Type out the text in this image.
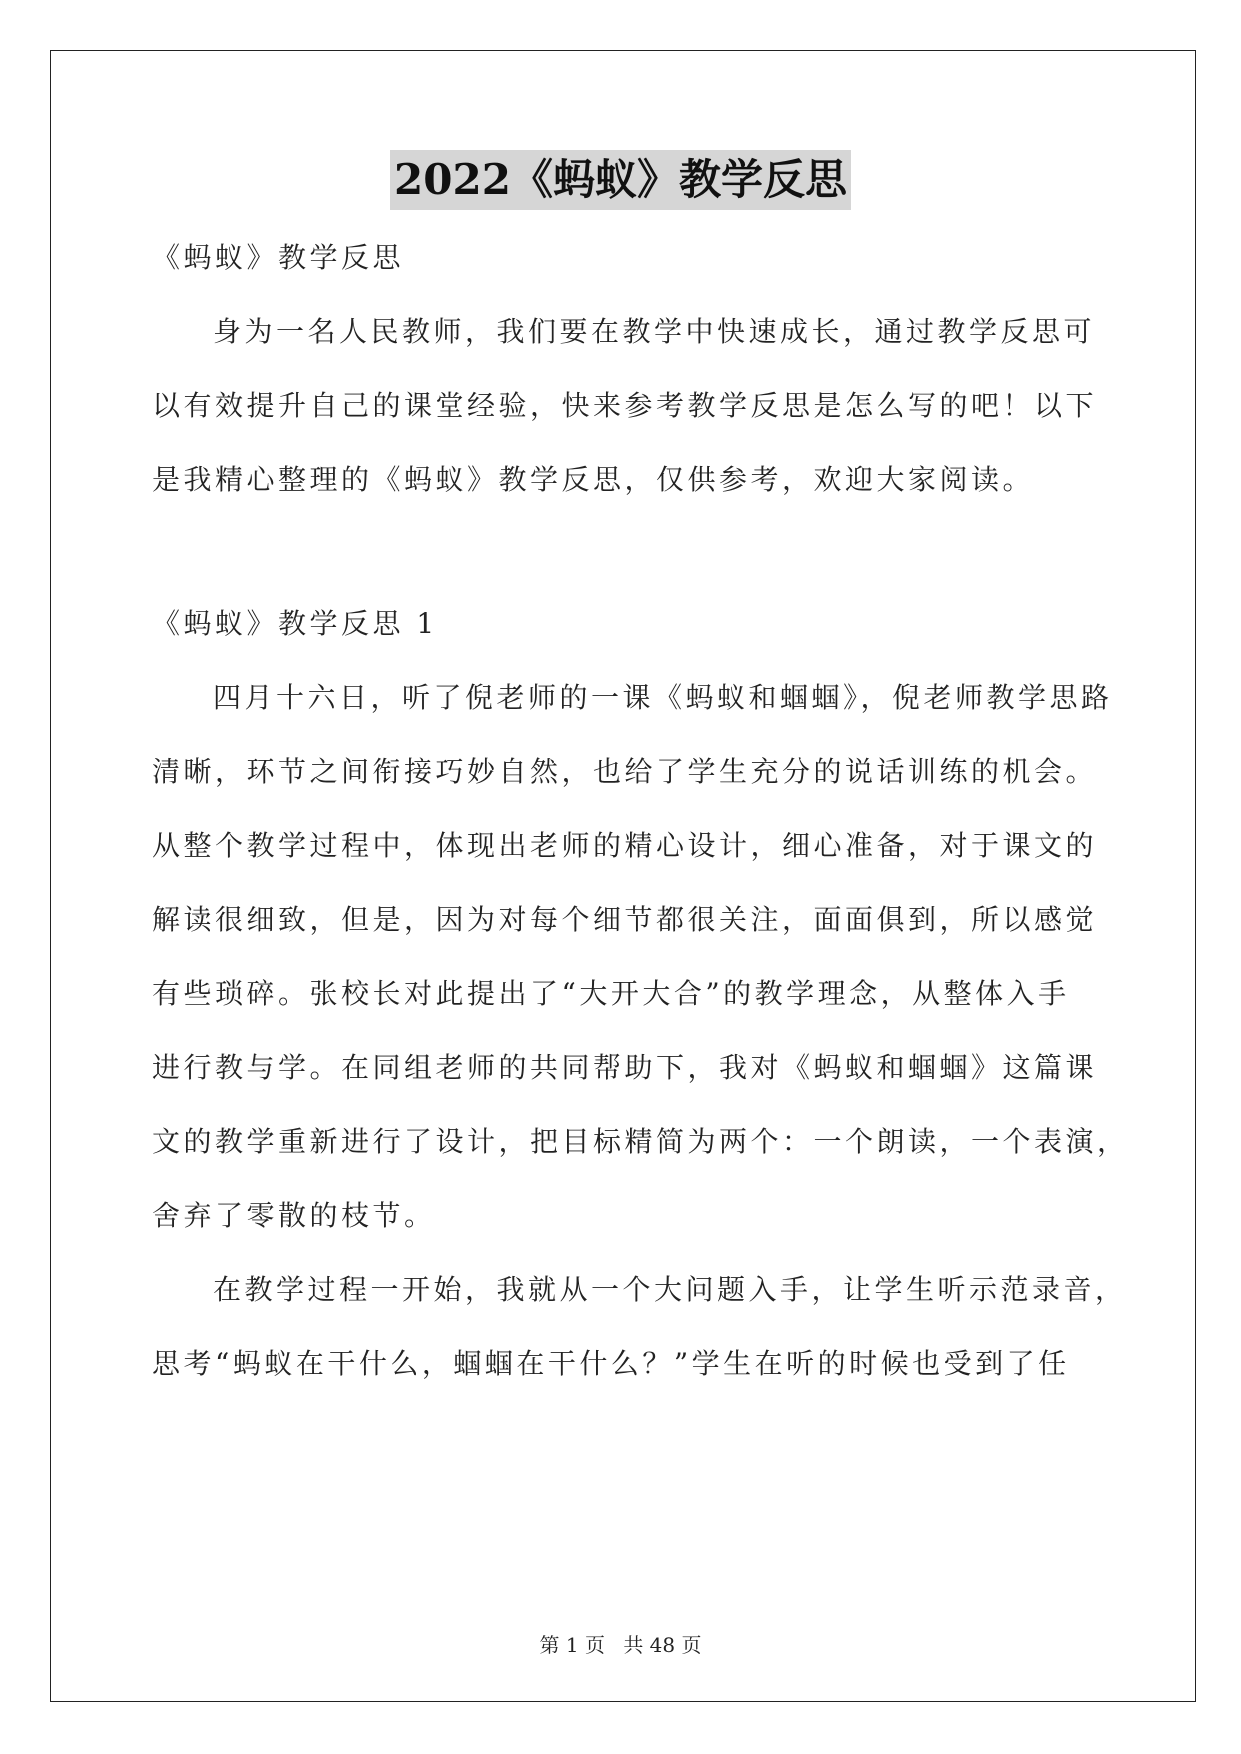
2022《蚂蚁》教学反思
《蚂蚁》教学反思
身为一名人民教师，我们要在教学中快速成长，通过教学反思可
以有效提升自己的课堂经验，快来参考教学反思是怎么写的吧！以下
是我精心整理的《蚂蚁》教学反思，仅供参考，欢迎大家阅读。
《蚂蚁》教学反思 1
四月十六日，听了倪老师的一课《蚂蚁和蝈蝈》，倪老师教学思路
清晰，环节之间衔接巧妙自然，也给了学生充分的说话训练的机会。
从整个教学过程中，体现出老师的精心设计，细心准备，对于课文的
解读很细致，但是，因为对每个细节都很关注，面面俱到，所以感觉
有些琐碎。张校长对此提出了“大开大合”的教学理念，从整体入手
进行教与学。在同组老师的共同帮助下，我对《蚂蚁和蝈蝈》这篇课
文的教学重新进行了设计，把目标精简为两个：一个朗读，一个表演，
舍弃了零散的枝节。
在教学过程一开始，我就从一个大问题入手，让学生听示范录音，
思考“蚂蚁在干什么，蝈蝈在干什么？”学生在听的时候也受到了任
第 1 页 共 48 页
